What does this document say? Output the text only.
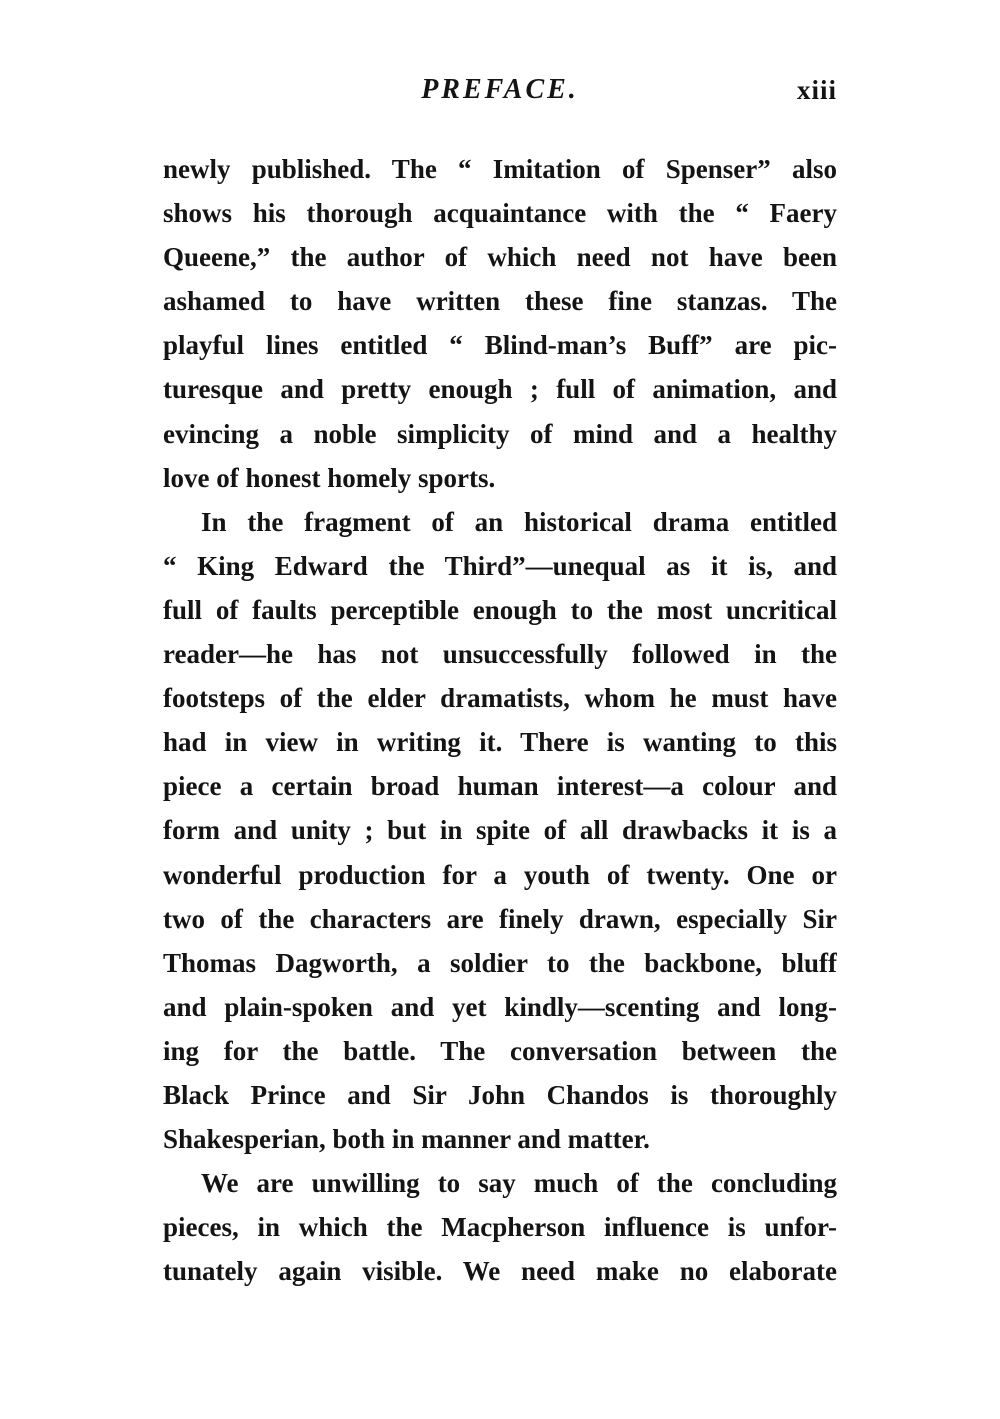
PREFACE.	xiii
newly published. The “ Imitation of Spenser” also
shows his thorough acquaintance with the “ Faery
Queene,” the author of which need not have been
ashamed to have written these fine stanzas. The
playful lines entitled “ Blind-man’s Buff” are pic-
turesque and pretty enough ; full of animation, and
evincing a noble simplicity of mind and a healthy
love of honest homely sports.
In the fragment of an historical drama entitled
“ King Edward the Third”—unequal as it is, and
full of faults perceptible enough to the most uncritical
reader—he has not unsuccessfully followed in the
footsteps of the elder dramatists, whom he must have
had in view in writing it. There is wanting to this
piece a certain broad human interest—a colour and
form and unity ; but in spite of all drawbacks it is a
wonderful production for a youth of twenty. One or
two of the characters are finely drawn, especially Sir
Thomas Dagworth, a soldier to the backbone, bluff
and plain-spoken and yet kindly—scenting and long-
ing for the battle. The conversation between the
Black Prince and Sir John Chandos is thoroughly
Shakesperian, both in manner and matter.
We are unwilling to say much of the concluding
pieces, in which the Macpherson influence is unfor-
tunately again visible. We need make no elaborate
